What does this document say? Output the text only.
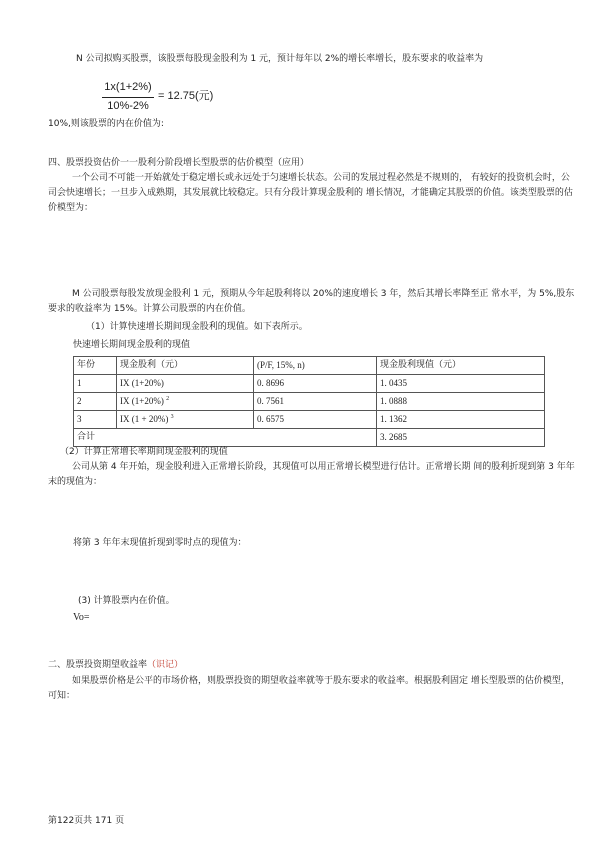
N 公司拟购买股票，该股票每股现金股利为 1 元，预计每年以 2%的增长率增长，股东要求的收益率为
1x(1+2%)
10%-2%
= 12.75(元)
10%,则该股票的内在价值为:
四、股票投资估价一一股利分阶段增长型股票的估价模型（应用）
一个公司不可能一开始就处于稳定增长或永远处于匀速增长状态。公司的发展过程必然是不规则的， 有较好的投资机会时，公司会快速增长；一旦步入成熟期，其发展就比较稳定。只有分段计算现金股利的 增长情况，才能确定其股票的价值。该类型股票的估价模型为：
M 公司股票每股发放现金股利 1 元，预期从今年起股利将以 20%的速度增长 3 年，然后其增长率降至正 常水平，为 5%,股东要求的收益率为 15%。计算公司股票的内在价值。
（1）计算快速增长期间现金股利的现值。如下表所示。
快速增长期间现金股利的现值
年份	现金股利（元）	(P/F, 15%, n)	现金股利现值（元）
1	IX (1+20%)	0. 8696	1. 0435
2	IX (1+20%) $^2$	0. 7561	1. 0888
3	IX (1 + 20%) $^3$	0. 6575	1. 1362
合计			3. 2685
（2）计算正常增长率期间现金股利的现值
公司从第 4 年开始，现金股利进入正常增长阶段，其现值可以用正常增长模型进行估计。正常增长期 间的股利折现到第 3 年年末的现值为：
将第 3 年年末现值折现到零时点的现值为：
(3) 计算股票内在价值。
Vo=
二、股票投资期望收益率（识记）
如果股票价格是公平的市场价格，则股票投资的期望收益率就等于股东要求的收益率。根据股利固定 增长型股票的估价模型，可知：
第122页共 171 页
